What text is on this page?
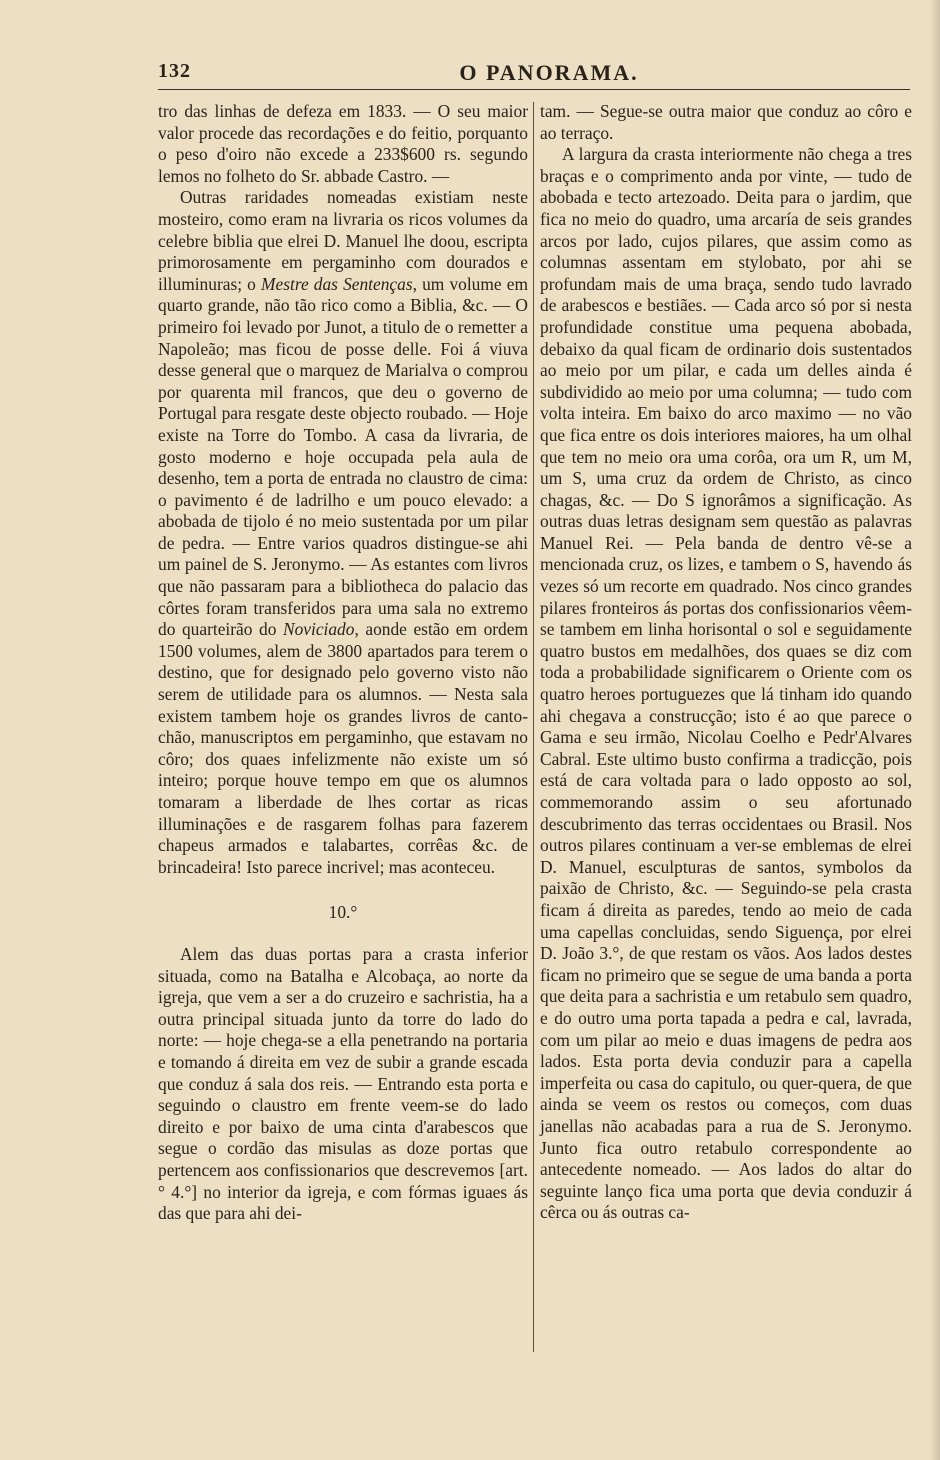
132	O PANORAMA.

tro das linhas de defeza em 1833. — O seu maior valor procede das recordações e do feitio, porquanto o peso d'oiro não excede a 233$600 rs. segundo lemos no folheto do Sr. abbade Castro. —

Outras raridades nomeadas existiam neste mosteiro, como eram na livraria os ricos volumes da celebre biblia que elrei D. Manuel lhe doou, escripta primorosamente em pergaminho com dourados e illuminuras; o Mestre das Sentenças, um volume em quarto grande, não tão rico como a Biblia, &c. — O primeiro foi levado por Junot, a titulo de o remetter a Napoleão; mas ficou de posse delle. Foi á viuva desse general que o marquez de Marialva o comprou por quarenta mil francos, que deu o governo de Portugal para resgate deste objecto roubado. — Hoje existe na Torre do Tombo. A casa da livraria, de gosto moderno e hoje occupada pela aula de desenho, tem a porta de entrada no claustro de cima: o pavimento é de ladrilho e um pouco elevado: a abobada de tijolo é no meio sustentada por um pilar de pedra. — Entre varios quadros distingue-se ahi um painel de S. Jeronymo. — As estantes com livros que não passaram para a bibliotheca do palacio das côrtes foram transferidos para uma sala no extremo do quarteirão do Noviciado, aonde estão em ordem 1500 volumes, alem de 3800 apartados para terem o destino, que for designado pelo governo visto não serem de utilidade para os alumnos. — Nesta sala existem tambem hoje os grandes livros de canto-chão, manuscriptos em pergaminho, que estavam no côro; dos quaes infelizmente não existe um só inteiro; porque houve tempo em que os alumnos tomaram a liberdade de lhes cortar as ricas illuminações e de rasgarem folhas para fazerem chapeus armados e talabartes, corrêas &c. de brincadeira! Isto parece incrivel; mas aconteceu.

10.°

Alem das duas portas para a crasta inferior situada, como na Batalha e Alcobaça, ao norte da igreja, que vem a ser a do cruzeiro e sachristia, ha a outra principal situada junto da torre do lado do norte: — hoje chega-se a ella penetrando na portaria e tomando á direita em vez de subir a grande escada que conduz á sala dos reis. — Entrando esta porta e seguindo o claustro em frente veem-se do lado direito e por baixo de uma cinta d'arabescos que segue o cordão das misulas as doze portas que pertencem aos confissionarios que descrevemos [art.° 4.°] no interior da igreja, e com fórmas iguaes ás das que para ahi dei-

tam. — Segue-se outra maior que conduz ao côro e ao terraço.

A largura da crasta interiormente não chega a tres braças e o comprimento anda por vinte, — tudo de abobada e tecto artezoado. Deita para o jardim, que fica no meio do quadro, uma arcaría de seis grandes arcos por lado, cujos pilares, que assim como as columnas assentam em stylobato, por ahi se profundam mais de uma braça, sendo tudo lavrado de arabescos e bestiães. — Cada arco só por si nesta profundidade constitue uma pequena abobada, debaixo da qual ficam de ordinario dois sustentados ao meio por um pilar, e cada um delles ainda é subdividido ao meio por uma columna; — tudo com volta inteira. Em baixo do arco maximo — no vão que fica entre os dois interiores maiores, ha um olhal que tem no meio ora uma corôa, ora um R, um M, um S, uma cruz da ordem de Christo, as cinco chagas, &c. — Do S ignorâmos a significação. As outras duas letras designam sem questão as palavras Manuel Rei. — Pela banda de dentro vê-se a mencionada cruz, os lizes, e tambem o S, havendo ás vezes só um recorte em quadrado. Nos cinco grandes pilares fronteiros ás portas dos confissionarios vêem-se tambem em linha horisontal o sol e seguidamente quatro bustos em medalhões, dos quaes se diz com toda a probabilidade significarem o Oriente com os quatro heroes portuguezes que lá tinham ido quando ahi chegava a construcção; isto é ao que parece o Gama e seu irmão, Nicolau Coelho e Pedr'Alvares Cabral. Este ultimo busto confirma a tradicção, pois está de cara voltada para o lado opposto ao sol, commemorando assim o seu afortunado descubrimento das terras occidentaes ou Brasil. Nos outros pilares continuam a ver-se emblemas de elrei D. Manuel, esculpturas de santos, symbolos da paixão de Christo, &c. — Seguindo-se pela crasta ficam á direita as paredes, tendo ao meio de cada uma capellas concluidas, sendo Siguença, por elrei D. João 3.°, de que restam os vãos. Aos lados destes ficam no primeiro que se segue de uma banda a porta que deita para a sachristia e um retabulo sem quadro, e do outro uma porta tapada a pedra e cal, lavrada, com um pilar ao meio e duas imagens de pedra aos lados. Esta porta devia conduzir para a capella imperfeita ou casa do capitulo, ou quer-quera, de que ainda se veem os restos ou começos, com duas janellas não acabadas para a rua de S. Jeronymo. Junto fica outro retabulo correspondente ao antecedente nomeado. — Aos lados do altar do seguinte lanço fica uma porta que devia conduzir á cêrca ou ás outras ca-
